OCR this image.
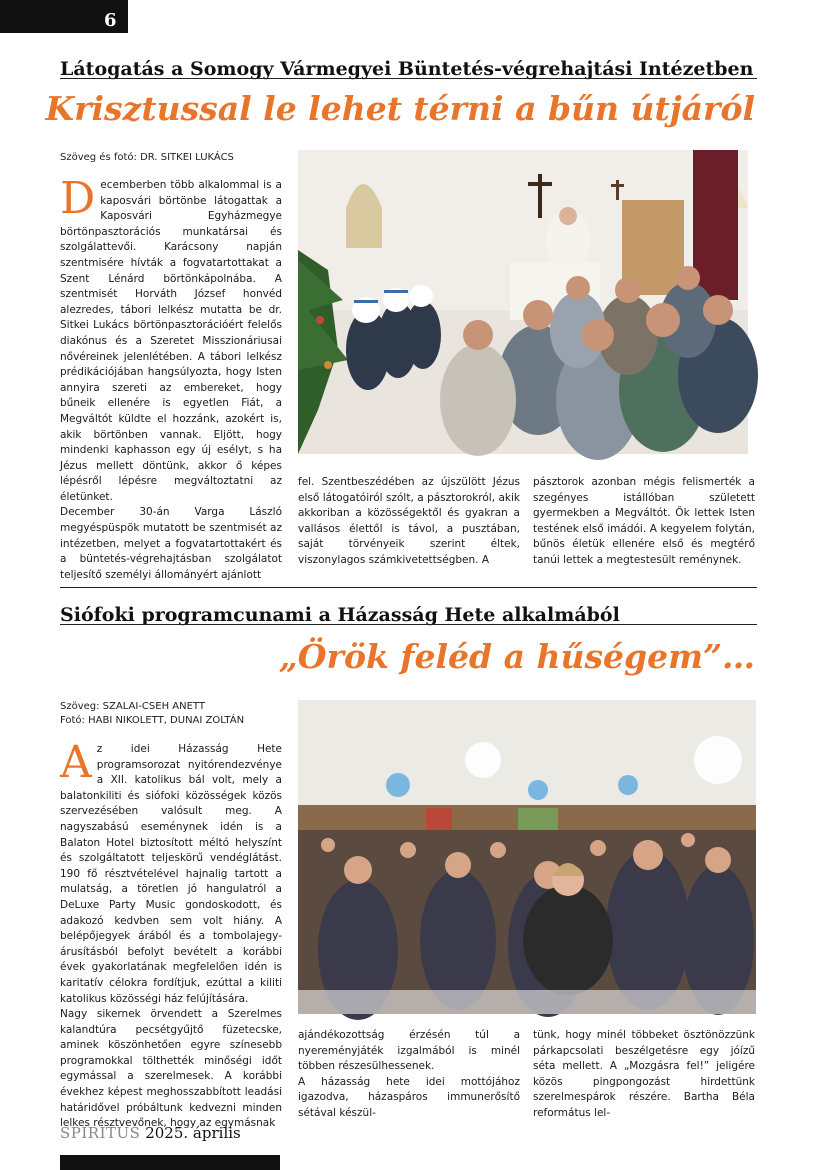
6
Látogatás a Somogy Vármegyei Büntetés-végrehajtási Intézetben
Krisztussal le lehet térni a bűn útjáról
Szöveg és fotó: DR. SITKEI LUKÁCS
D ecemberben több alkalommal is a kaposvári börtönbe látogattak a Kaposvári Egyházmegye börtönpasztorációs munkatársai és szolgálattevői. Karácsony napján szentmisére hívták a fogvatartottakat a Szent Lénárd börtönkápolnába. A szentmisét Horváth József honvéd alezredes, tábori lelkész mutatta be dr. Sitkei Lukács börtönpasztorációért felelős diakónus és a Szeretet Misszionáriusai nővéreinek jelenlétében. A tábori lelkész prédikációjában hangsúlyozta, hogy Isten annyira szereti az embereket, hogy bűneik ellenére is egyetlen Fiát, a Megváltót küldte el hozzánk, azokért is, akik börtönben vannak. Eljött, hogy mindenki kaphasson egy új esélyt, s ha Jézus mellett döntünk, akkor ő képes lépésről lépésre megváltoztatni az életünket.

December 30-án Varga László megyéspüspök mutatott be szentmisét az intézetben, melyet a fogvatartottakért és a büntetés-végrehajtásban szolgálatot teljesítő személyi állományért ajánlott

fel. Szentbeszédében az újszülött Jézus első látogatóiról szólt, a pásztorokról, akik akkoriban a közösségektől és gyakran a vallásos élettől is távol, a pusztában, saját törvényeik szerint éltek, viszonylagos számkivetettségben. A

pásztorok azonban mégis felismerték a szegényes istállóban született gyermekben a Megváltót. Ők lettek Isten testének első imádói. A kegyelem folytán, bűnös életük ellenére első és megtérő tanúi lettek a megtestesült reménynek.

Siófoki programcunami a Házasság Hete alkalmából
„Örök feléd a hűségem”…
Szöveg: SZALAI-CSEH ANETT
Fotó: HABI NIKOLETT, DUNAI ZOLTÁN
A z idei Házasság Hete programsorozat nyitórendezvénye a XII. katolikus bál volt, mely a balatonkiliti és siófoki közösségek közös szervezésében valósult meg. A nagyszabású eseménynek idén is a Balaton Hotel biztosított méltó helyszínt és szolgáltatott teljeskörű vendéglátást. 190 fő résztvételével hajnalig tartott a mulatság, a töretlen jó hangulatról a DeLuxe Party Music gondoskodott, és adakozó kedvben sem volt hiány. A belépőjegyek árából és a tombolajegy-árusításból befolyt bevételt a korábbi évek gyakorlatának megfelelően idén is karitatív célokra fordítjuk, ezúttal a kiliti katolikus közösségi ház felújítására.

Nagy sikernek örvendett a Szerelmes kalandtúra pecsétgyűjtő füzetecske, aminek köszönhetően egyre színesebb programokkal tölthették minőségi időt egymással a szerelmesek. A korábbi évekhez képest meghosszabbított leadási határidővel próbáltunk kedvezni minden lelkes résztvevőnek, hogy az egymásnak

ajándékozottság érzésén túl a nyereményjáték izgalmából is minél többen részesülhessenek.

A házasság hete idei mottójához igazodva, házaspáros immunerősítő sétával készül-

tünk, hogy minél többeket ösztönözzünk párkapcsolati beszélgetésre egy jóízű séta mellett. A „Mozgásra fel!” jeligére közös pingpongozást hirdettünk szerelmespárok részére. Bartha Béla református lel-

SPIRITUS 2025. április
